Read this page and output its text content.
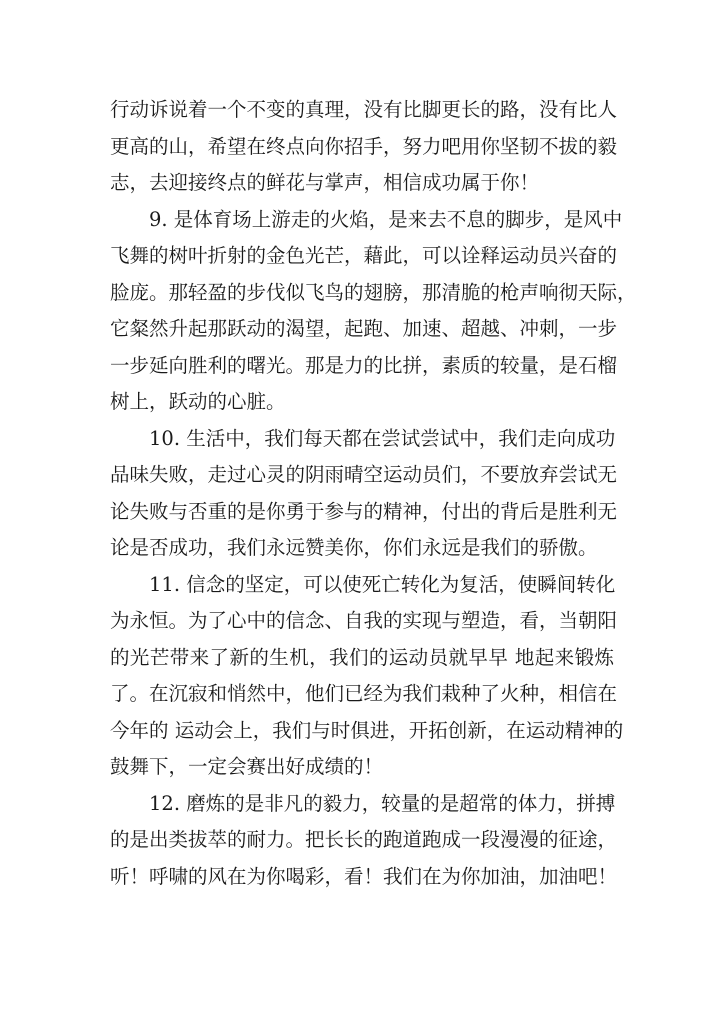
行动诉说着一个不变的真理，没有比脚更长的路，没有比人
更高的山，希望在终点向你招手，努力吧用你坚韧不拔的毅
志，去迎接终点的鲜花与掌声，相信成功属于你！
9. 是体育场上游走的火焰，是来去不息的脚步，是风中
飞舞的树叶折射的金色光芒，藉此，可以诠释运动员兴奋的
脸庞。那轻盈的步伐似飞鸟的翅膀，那清脆的枪声响彻天际，
它粲然升起那跃动的渴望，起跑、加速、超越、冲刺，一步
一步延向胜利的曙光。那是力的比拼，素质的较量，是石榴
树上，跃动的心脏。
10. 生活中，我们每天都在尝试尝试中，我们走向成功
品味失败，走过心灵的阴雨晴空运动员们，不要放弃尝试无
论失败与否重的是你勇于参与的精神，付出的背后是胜利无
论是否成功，我们永远赞美你，你们永远是我们的骄傲。
11. 信念的坚定，可以使死亡转化为复活，使瞬间转化
为永恒。为了心中的信念、自我的实现与塑造，看，当朝阳
的光芒带来了新的生机，我们的运动员就早早 地起来锻炼
了。在沉寂和悄然中，他们已经为我们栽种了火种，相信在
今年的 运动会上，我们与时俱进，开拓创新，在运动精神的
鼓舞下，一定会赛出好成绩的！
12. 磨炼的是非凡的毅力，较量的是超常的体力，拼搏
的是出类拔萃的耐力。把长长的跑道跑成一段漫漫的征途，
听！呼啸的风在为你喝彩，看！我们在为你加油，加油吧！
